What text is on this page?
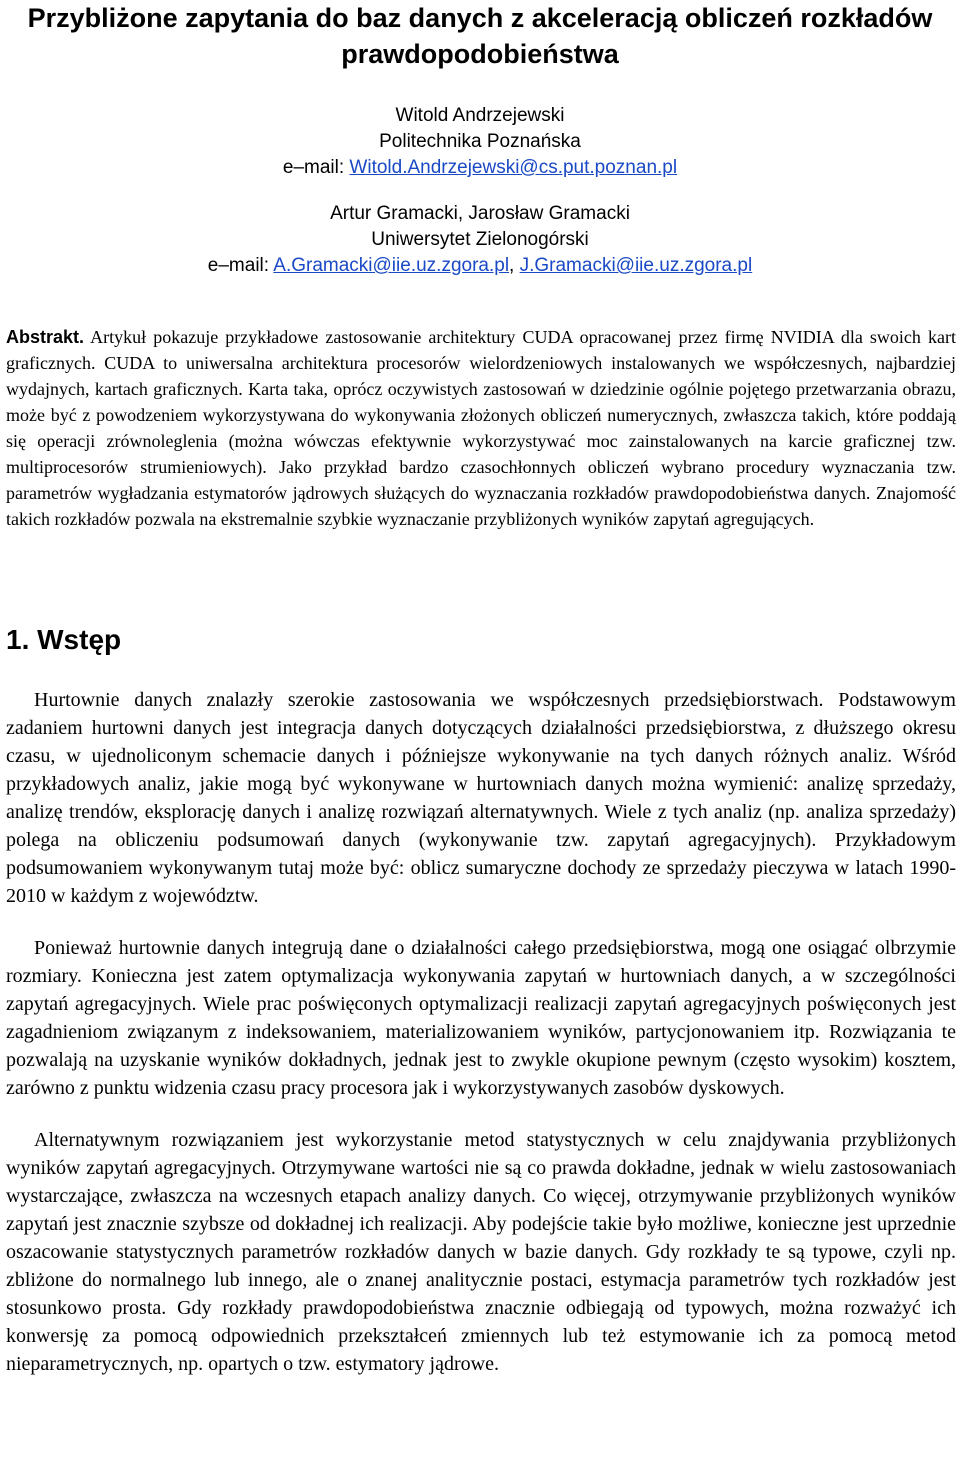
Przybliżone zapytania do baz danych z akceleracją obliczeń rozkładów prawdopodobieństwa
Witold Andrzejewski
Politechnika Poznańska
e–mail: Witold.Andrzejewski@cs.put.poznan.pl
Artur Gramacki, Jarosław Gramacki
Uniwersytet Zielonogórski
e–mail: A.Gramacki@iie.uz.zgora.pl, J.Gramacki@iie.uz.zgora.pl

Abstrakt. Artykuł pokazuje przykładowe zastosowanie architektury CUDA opracowanej przez firmę NVIDIA dla swoich kart graficznych. CUDA to uniwersalna architektura procesorów wielordzeniowych instalowanych we współczesnych, najbardziej wydajnych, kartach graficznych. Karta taka, oprócz oczywistych zastosowań w dziedzinie ogólnie pojętego przetwarzania obrazu, może być z powodzeniem wykorzystywana do wykonywania złożonych obliczeń numerycznych, zwłaszcza takich, które poddają się operacji zrównoleglenia (można wówczas efektywnie wykorzystywać moc zainstalowanych na karcie graficznej tzw. multiprocesorów strumieniowych). Jako przykład bardzo czasochłonnych obliczeń wybrano procedury wyznaczania tzw. parametrów wygładzania estymatorów jądrowych służących do wyznaczania rozkładów prawdopodobieństwa danych. Znajomość takich rozkładów pozwala na ekstremalnie szybkie wyznaczanie przybliżonych wyników zapytań agregujących.

1. Wstęp

Hurtownie danych znalazły szerokie zastosowania we współczesnych przedsiębiorstwach. Podstawowym zadaniem hurtowni danych jest integracja danych dotyczących działalności przedsiębiorstwa, z dłuższego okresu czasu, w ujednoliconym schemacie danych i późniejsze wykonywanie na tych danych różnych analiz. Wśród przykładowych analiz, jakie mogą być wykonywane w hurtowniach danych można wymienić: analizę sprzedaży, analizę trendów, eksplorację danych i analizę rozwiązań alternatywnych. Wiele z tych analiz (np. analiza sprzedaży) polega na obliczeniu podsumowań danych (wykonywanie tzw. zapytań agregacyjnych). Przykładowym podsumowaniem wykonywanym tutaj może być: oblicz sumaryczne dochody ze sprzedaży pieczywa w latach 1990-2010 w każdym z województw.

Ponieważ hurtownie danych integrują dane o działalności całego przedsiębiorstwa, mogą one osiągać olbrzymie rozmiary. Konieczna jest zatem optymalizacja wykonywania zapytań w hurtowniach danych, a w szczególności zapytań agregacyjnych. Wiele prac poświęconych optymalizacji realizacji zapytań agregacyjnych poświęconych jest zagadnieniom związanym z indeksowaniem, materializowaniem wyników, partycjonowaniem itp. Rozwiązania te pozwalają na uzyskanie wyników dokładnych, jednak jest to zwykle okupione pewnym (często wysokim) kosztem, zarówno z punktu widzenia czasu pracy procesora jak i wykorzystywanych zasobów dyskowych.

Alternatywnym rozwiązaniem jest wykorzystanie metod statystycznych w celu znajdywania przybliżonych wyników zapytań agregacyjnych. Otrzymywane wartości nie są co prawda dokładne, jednak w wielu zastosowaniach wystarczające, zwłaszcza na wczesnych etapach analizy danych. Co więcej, otrzymywanie przybliżonych wyników zapytań jest znacznie szybsze od dokładnej ich realizacji. Aby podejście takie było możliwe, konieczne jest uprzednie oszacowanie statystycznych parametrów rozkładów danych w bazie danych. Gdy rozkłady te są typowe, czyli np. zbliżone do normalnego lub innego, ale o znanej analitycznie postaci, estymacja parametrów tych rozkładów jest stosunkowo prosta. Gdy rozkłady prawdopodobieństwa znacznie odbiegają od typowych, można rozważyć ich konwersję za pomocą odpowiednich przekształceń zmiennych lub też estymowanie ich za pomocą metod nieparametrycznych, np. opartych o tzw. estymatory jądrowe.
